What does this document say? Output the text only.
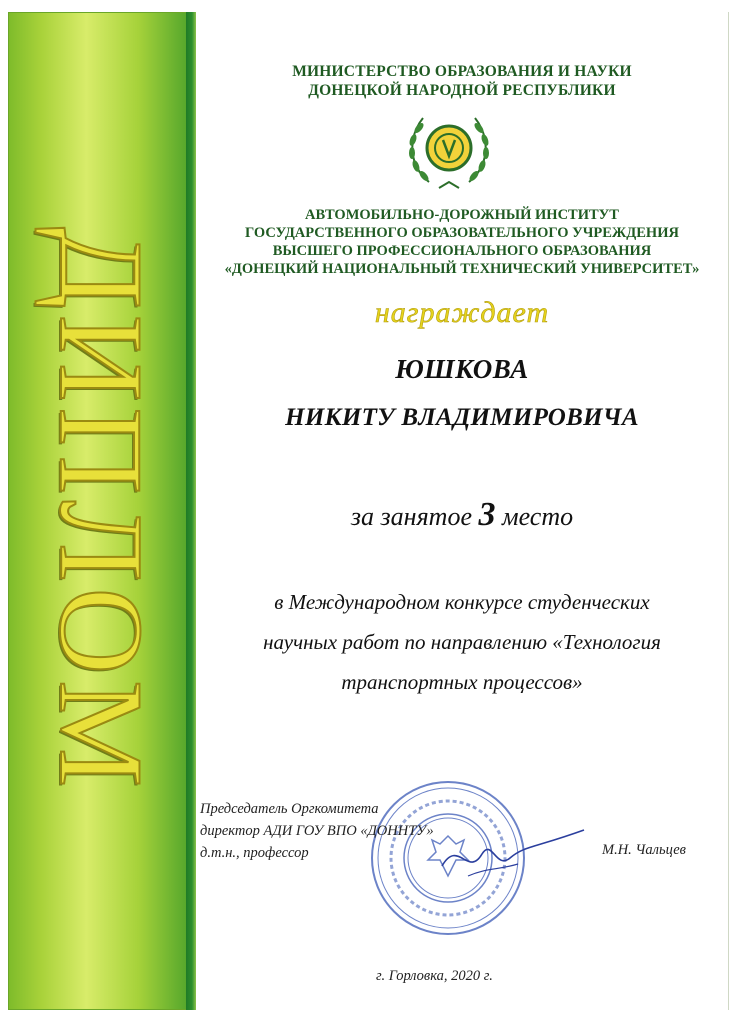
ДИПЛОМ
МИНИСТЕРСТВО ОБРАЗОВАНИЯ И НАУКИ
ДОНЕЦКОЙ НАРОДНОЙ РЕСПУБЛИКИ
АВТОМОБИЛЬНО-ДОРОЖНЫЙ ИНСТИТУТ
ГОСУДАРСТВЕННОГО ОБРАЗОВАТЕЛЬНОГО УЧРЕЖДЕНИЯ
ВЫСШЕГО ПРОФЕССИОНАЛЬНОГО ОБРАЗОВАНИЯ
«ДОНЕЦКИЙ НАЦИОНАЛЬНЫЙ ТЕХНИЧЕСКИЙ УНИВЕРСИТЕТ»
награждает
ЮШКОВА
НИКИТУ ВЛАДИМИРОВИЧА
за занятое 3 место
в Международном конкурсе студенческих
научных работ по направлению «Технология
транспортных процессов»
Председатель Оргкомитета
директор АДИ ГОУ ВПО «ДОННТУ»
д.т.н., профессор	М.Н. Чальцев
г. Горловка, 2020 г.
